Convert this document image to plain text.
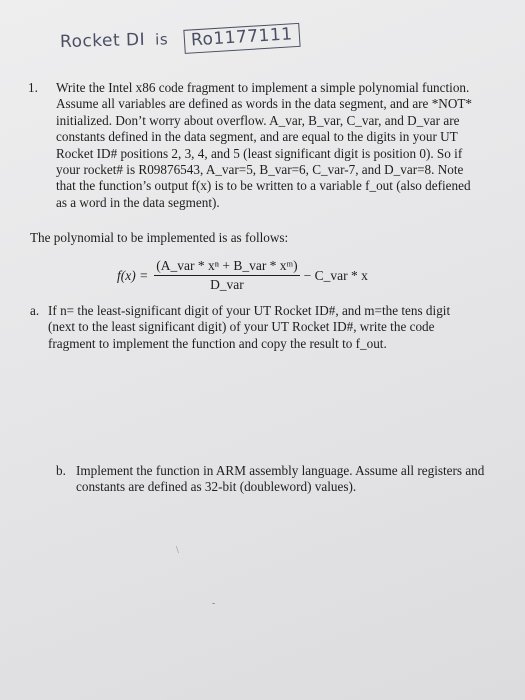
Rocket DI is Ro1177111
1. Write the Intel x86 code fragment to implement a simple polynomial function. Assume all variables are defined as words in the data segment, and are *NOT* initialized. Don’t worry about overflow. A_var, B_var, C_var, and D_var are constants defined in the data segment, and are equal to the digits in your UT Rocket ID# positions 2, 3, 4, and 5 (least significant digit is position 0). So if your rocket# is R09876543, A_var=5, B_var=6, C_var-7, and D_var=8. Note that the function’s output f(x) is to be written to a variable f_out (also defiened as a word in the data segment).
The polynomial to be implemented is as follows:
$f(x) = \frac{\text{(A\_var * xⁿ + B\_var * xᵐ)}}{\text{D\_var}}$ − C_var * x
a. If n= the least-significant digit of your UT Rocket ID#, and m=the tens digit (next to the least significant digit) of your UT Rocket ID#, write the code fragment to implement the function and copy the result to f_out.
b. Implement the function in ARM assembly language. Assume all registers and constants are defined as 32-bit (doubleword) values).
\
-
